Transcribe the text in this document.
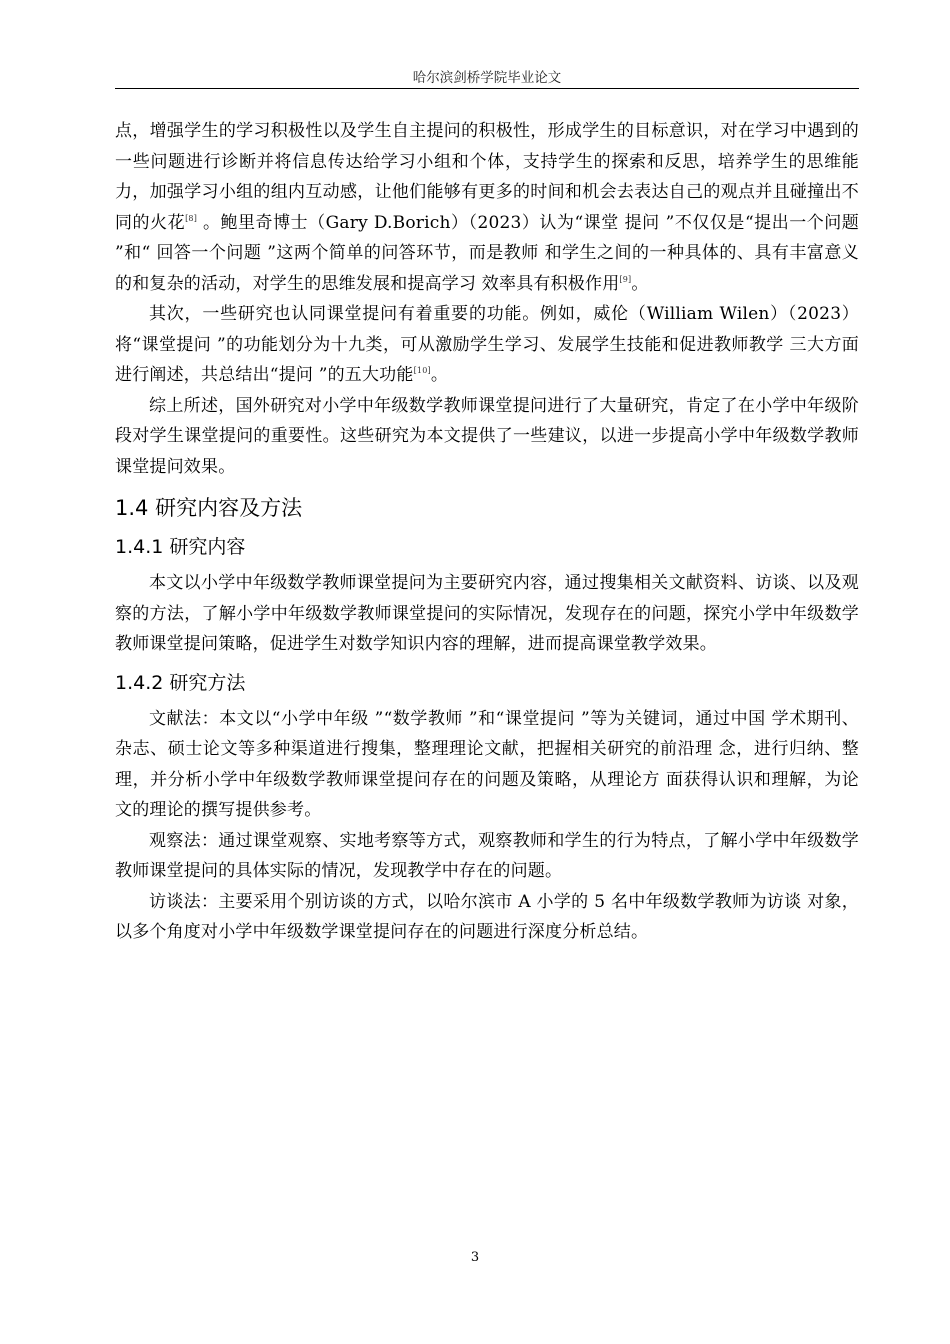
哈尔滨剑桥学院毕业论文

点，增强学生的学习积极性以及学生自主提问的积极性，形成学生的目标意识，对在学习中遇到的一些问题进行诊断并将信息传达给学习小组和个体，支持学生的探索和反思，培养学生的思维能力，加强学习小组的组内互动感，让他们能够有更多的时间和机会去表达自己的观点并且碰撞出不同的火花[8] 。鲍里奇博士（Gary D.Borich）（2023）认为“课堂 提问 ”不仅仅是“提出一个问题 ”和“ 回答一个问题 ”这两个简单的问答环节，而是教师 和学生之间的一种具体的、具有丰富意义的和复杂的活动，对学生的思维发展和提高学习 效率具有积极作用[9]。

其次，一些研究也认同课堂提问有着重要的功能。例如，威伦（William Wilen）（2023） 将“课堂提问 ”的功能划分为十九类，可从激励学生学习、发展学生技能和促进教师教学 三大方面进行阐述，共总结出“提问 ”的五大功能[10]。

综上所述，国外研究对小学中年级数学教师课堂提问进行了大量研究，肯定了在小学中年级阶段对学生课堂提问的重要性。这些研究为本文提供了一些建议，以进一步提高小学中年级数学教师课堂提问效果。

1.4 研究内容及方法
1.4.1 研究内容

本文以小学中年级数学教师课堂提问为主要研究内容，通过搜集相关文献资料、访谈、以及观察的方法，了解小学中年级数学教师课堂提问的实际情况，发现存在的问题，探究小学中年级数学教师课堂提问策略，促进学生对数学知识内容的理解，进而提高课堂教学效果。

1.4.2 研究方法

文献法：本文以“小学中年级 ”“数学教师 ”和“课堂提问 ”等为关键词，通过中国 学术期刊、杂志、硕士论文等多种渠道进行搜集，整理理论文献，把握相关研究的前沿理 念，进行归纳、整理，并分析小学中年级数学教师课堂提问存在的问题及策略，从理论方 面获得认识和理解，为论文的理论的撰写提供参考。

观察法：通过课堂观察、实地考察等方式，观察教师和学生的行为特点，了解小学中年级数学教师课堂提问的具体实际的情况，发现教学中存在的问题。

访谈法：主要采用个别访谈的方式，以哈尔滨市 A 小学的 5 名中年级数学教师为访谈 对象，以多个角度对小学中年级数学课堂提问存在的问题进行深度分析总结。

3
